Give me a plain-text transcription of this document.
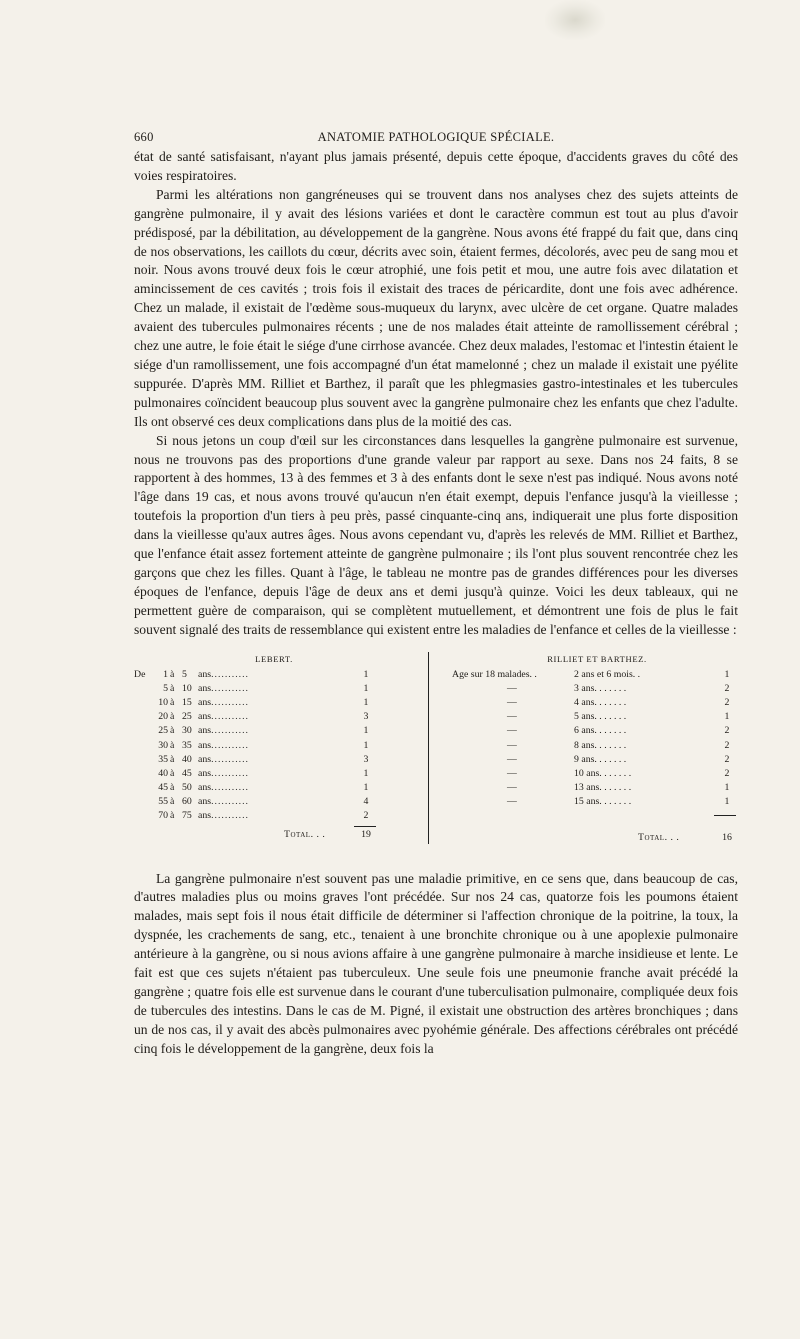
660	ANATOMIE PATHOLOGIQUE SPÉCIALE.

état de santé satisfaisant, n'ayant plus jamais présenté, depuis cette époque, d'accidents graves du côté des voies respiratoires.

Parmi les altérations non gangréneuses qui se trouvent dans nos analyses chez des sujets atteints de gangrène pulmonaire, il y avait des lésions variées et dont le caractère commun est tout au plus d'avoir prédisposé, par la débilitation, au développement de la gangrène. Nous avons été frappé du fait que, dans cinq de nos observations, les caillots du cœur, décrits avec soin, étaient fermes, décolorés, avec peu de sang mou et noir. Nous avons trouvé deux fois le cœur atrophié, une fois petit et mou, une autre fois avec dilatation et amincissement de ces cavités ; trois fois il existait des traces de péricardite, dont une fois avec adhérence. Chez un malade, il existait de l'œdème sous-muqueux du larynx, avec ulcère de cet organe. Quatre malades avaient des tubercules pulmonaires récents ; une de nos malades était atteinte de ramollissement cérébral ; chez une autre, le foie était le siége d'une cirrhose avancée. Chez deux malades, l'estomac et l'intestin étaient le siége d'un ramollissement, une fois accompagné d'un état mamelonné ; chez un malade il existait une pyélite suppurée. D'après MM. Rilliet et Barthez, il paraît que les phlegmasies gastro-intestinales et les tubercules pulmonaires coïncident beaucoup plus souvent avec la gangrène pulmonaire chez les enfants que chez l'adulte. Ils ont observé ces deux complications dans plus de la moitié des cas.

Si nous jetons un coup d'œil sur les circonstances dans lesquelles la gangrène pulmonaire est survenue, nous ne trouvons pas des proportions d'une grande valeur par rapport au sexe. Dans nos 24 faits, 8 se rapportent à des hommes, 13 à des femmes et 3 à des enfants dont le sexe n'est pas indiqué. Nous avons noté l'âge dans 19 cas, et nous avons trouvé qu'aucun n'en était exempt, depuis l'enfance jusqu'à la vieillesse ; toutefois la proportion d'un tiers à peu près, passé cinquante-cinq ans, indiquerait une plus forte disposition dans la vieillesse qu'aux autres âges. Nous avons cependant vu, d'après les relevés de MM. Rilliet et Barthez, que l'enfance était assez fortement atteinte de gangrène pulmonaire ; ils l'ont plus souvent rencontrée chez les garçons que chez les filles. Quant à l'âge, le tableau ne montre pas de grandes différences pour les diverses époques de l'enfance, depuis l'âge de deux ans et demi jusqu'à quinze. Voici les deux tableaux, qui ne permettent guère de comparaison, qui se complètent mutuellement, et démontrent une fois de plus le fait souvent signalé des traits de ressemblance qui existent entre les maladies de l'enfance et celles de la vieillesse :

LEBERT.
De	1 à 5 ans...........	1
5 à 10 ans...........	1
10 à 15 ans...........	1
20 à 25 ans...........	3
25 à 30 ans...........	1
30 à 35 ans...........	1
35 à 40 ans...........	3
40 à 45 ans...........	1
45 à 50 ans...........	1
55 à 60 ans...........	4
70 à 75 ans...........	2
Total. . .	19
RILLIET ET BARTHEZ.
Age sur 18 malades. .	2 ans et 6 mois. .	1
—	3 ans. . . . . . .	2
—	4 ans. . . . . . .	2
—	5 ans. . . . . . .	1
—	6 ans. . . . . . .	2
—	8 ans. . . . . . .	2
—	9 ans. . . . . . .	2
—	10 ans. . . . . . .	2
—	13 ans. . . . . . .	1
—	15 ans. . . . . . .	1
Total. . .	16

La gangrène pulmonaire n'est souvent pas une maladie primitive, en ce sens que, dans beaucoup de cas, d'autres maladies plus ou moins graves l'ont précédée. Sur nos 24 cas, quatorze fois les poumons étaient malades, mais sept fois il nous était difficile de déterminer si l'affection chronique de la poitrine, la toux, la dyspnée, les crachements de sang, etc., tenaient à une bronchite chronique ou à une apoplexie pulmonaire antérieure à la gangrène, ou si nous avions affaire à une gangrène pulmonaire à marche insidieuse et lente. Le fait est que ces sujets n'étaient pas tuberculeux. Une seule fois une pneumonie franche avait précédé la gangrène ; quatre fois elle est survenue dans le courant d'une tuberculisation pulmonaire, compliquée deux fois de tubercules des intestins. Dans le cas de M. Pigné, il existait une obstruction des artères bronchiques ; dans un de nos cas, il y avait des abcès pulmonaires avec pyohémie générale. Des affections cérébrales ont précédé cinq fois le développement de la gangrène, deux fois la
